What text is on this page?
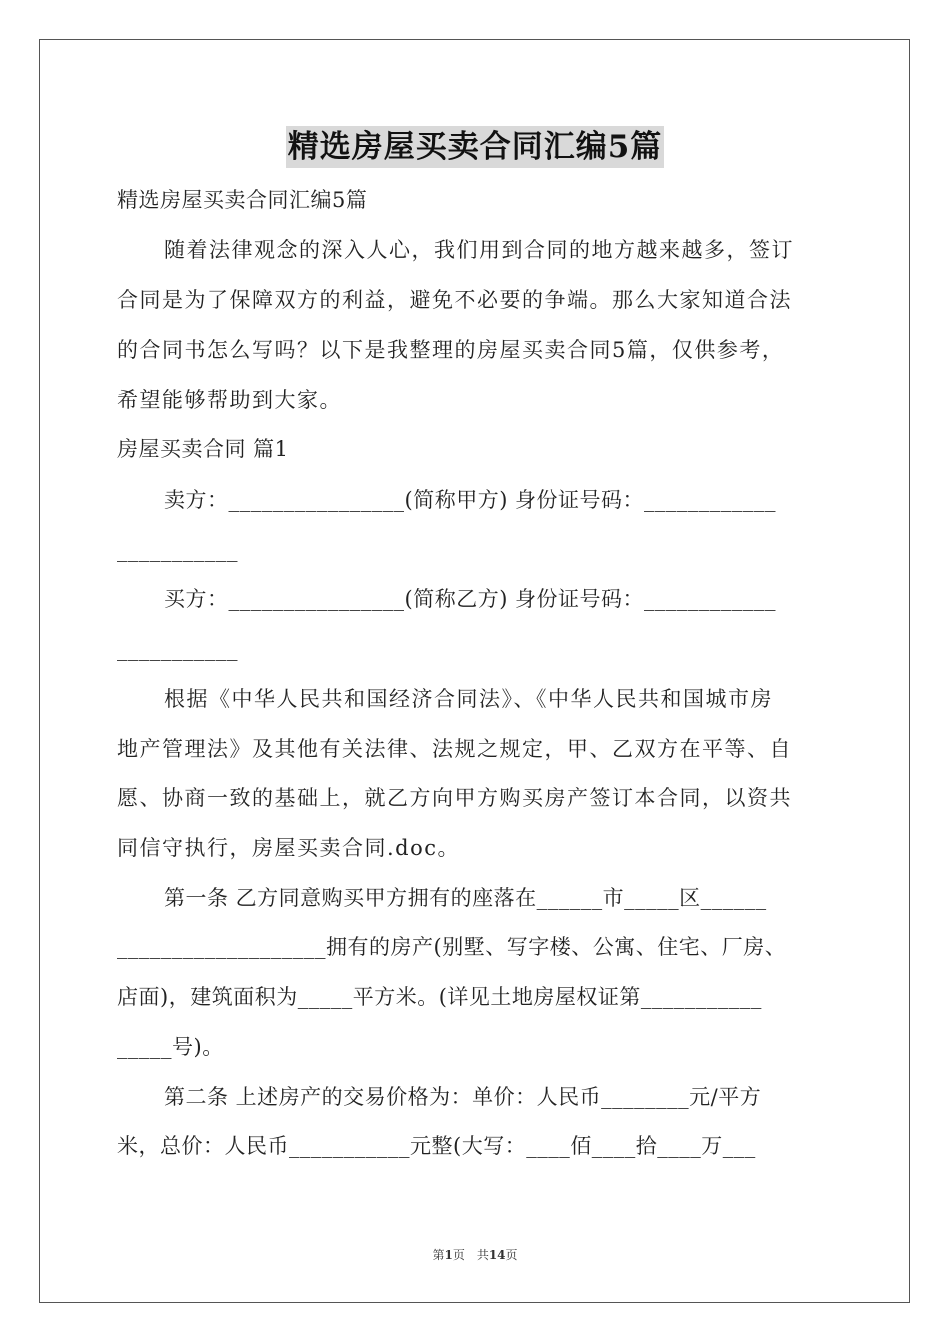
精选房屋买卖合同汇编5篇
精选房屋买卖合同汇编5篇
随着法律观念的深入人心，我们用到合同的地方越来越多，签订
合同是为了保障双方的利益，避免不必要的争端。那么大家知道合法
的合同书怎么写吗？以下是我整理的房屋买卖合同5篇，仅供参考，
希望能够帮助到大家。
房屋买卖合同 篇1
卖方：________________(简称甲方) 身份证号码：____________
___________
买方：________________(简称乙方) 身份证号码：____________
___________
根据《中华人民共和国经济合同法》、《中华人民共和国城市房
地产管理法》及其他有关法律、法规之规定，甲、乙双方在平等、自
愿、协商一致的基础上，就乙方向甲方购买房产签订本合同，以资共
同信守执行，房屋买卖合同.doc。
第一条 乙方同意购买甲方拥有的座落在______市_____区______
___________________拥有的房产(别墅、写字楼、公寓、住宅、厂房、
店面)，建筑面积为_____平方米。(详见土地房屋权证第___________
_____号)。
第二条 上述房产的交易价格为：单价：人民币________元/平方
米，总价：人民币___________元整(大写：____佰____拾____万___
第1页　共14页
